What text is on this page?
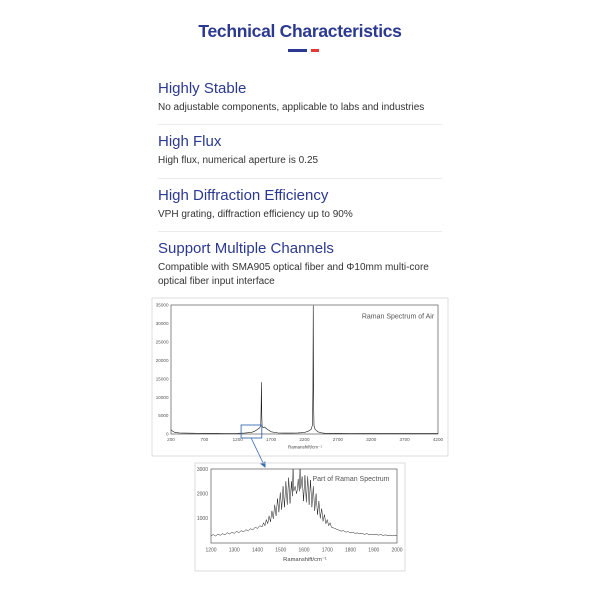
Technical Characteristics
Highly Stable
No adjustable components, applicable to labs and industries
High Flux
High flux, numerical aperture is 0.25
High Diffraction Efficiency
VPH grating, diffraction efficiency up to 90%
Support Multiple Channels
Compatible with SMA905 optical fiber and Φ10mm multi-core optical fiber input interface
0
5000
10000
15000
20000
25000
30000
35000
200	700	1200	1700	2200	2700	3200	3700	4200
Raman Spectrum of Air
Ramanshift/cm⁻¹
1000
2000
3000
1200 1300 1400 1500 1600 1700 1800 1900 2000
Part of Raman Spectrum
Ramanshift/cm⁻¹
